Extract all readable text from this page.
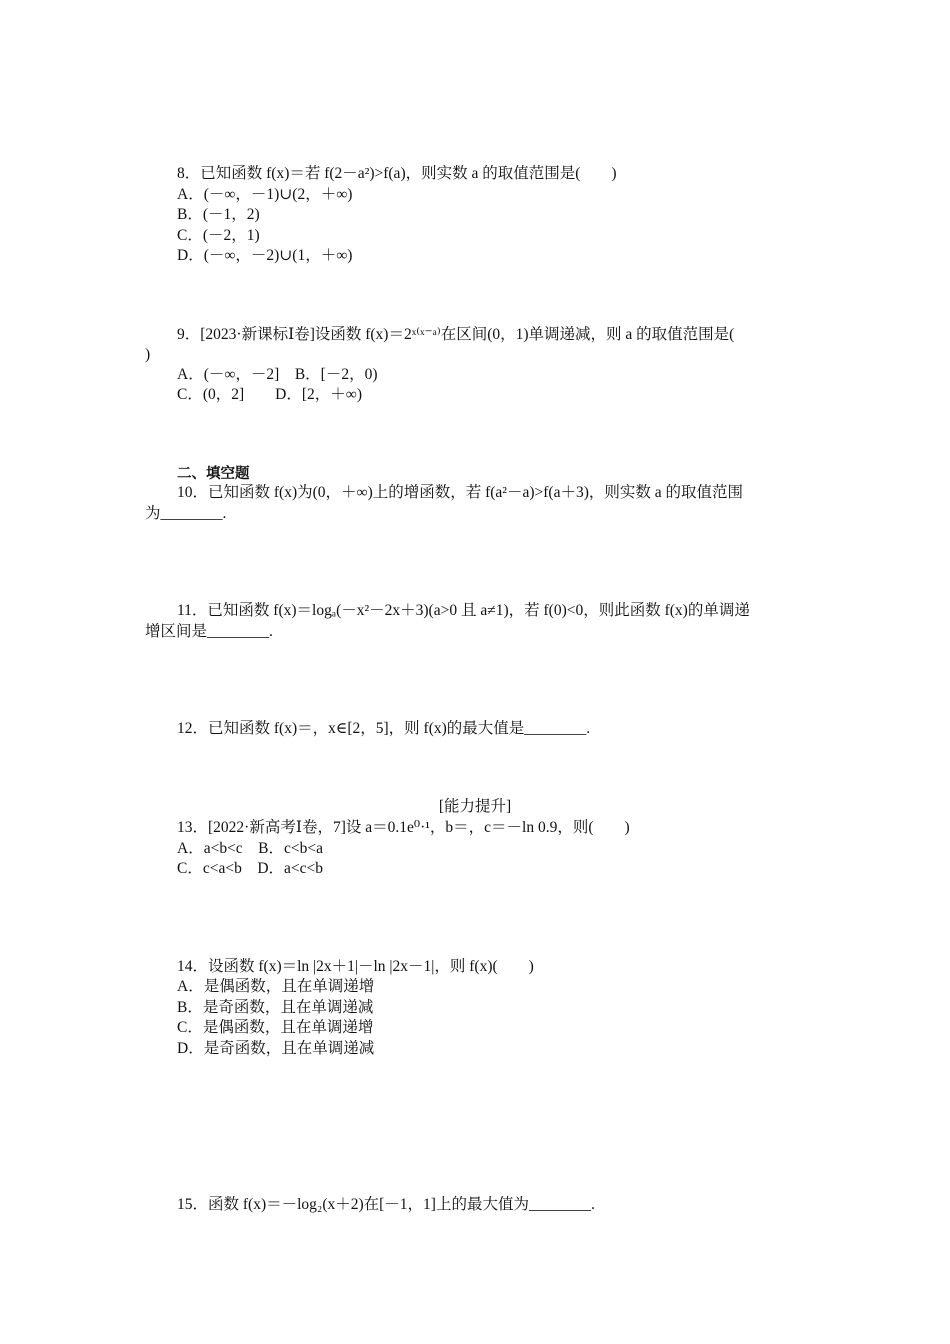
8．已知函数 f(x)＝若 f(2－a²)>f(a)，则实数 a 的取值范围是(　　)
A．(－∞，－1)∪(2，＋∞)
B．(－1，2)
C．(－2，1)
D．(－∞，－2)∪(1，＋∞)
9．[2023·新课标Ⅰ卷]设函数 f(x)＝2ˣ⁽ˣ⁻ᵃ⁾在区间(0，1)单调递减，则 a 的取值范围是(
)
A．(－∞，－2]　B．[－2，0)
C．(0，2]　　D．[2，＋∞)
二、填空题
10．已知函数 f(x)为(0，＋∞)上的增函数，若 f(a²－a)>f(a＋3)，则实数 a 的取值范围
为________.
11．已知函数 f(x)＝logₐ(－x²－2x＋3)(a>0 且 a≠1)，若 f(0)<0，则此函数 f(x)的单调递
增区间是________.
12．已知函数 f(x)＝，x∈[2，5]，则 f(x)的最大值是________.
[能力提升]
13．[2022·新高考Ⅰ卷，7]设 a＝0.1e⁰·¹，b＝，c＝－ln 0.9，则(　　)
A．a<b<c　B．c<b<a
C．c<a<b　D．a<c<b
14．设函数 f(x)＝ln |2x＋1|－ln |2x－1|，则 f(x)(　　)
A．是偶函数，且在单调递增
B．是奇函数，且在单调递减
C．是偶函数，且在单调递增
D．是奇函数，且在单调递减
15．函数 f(x)＝－log₂(x＋2)在[－1，1]上的最大值为________.
